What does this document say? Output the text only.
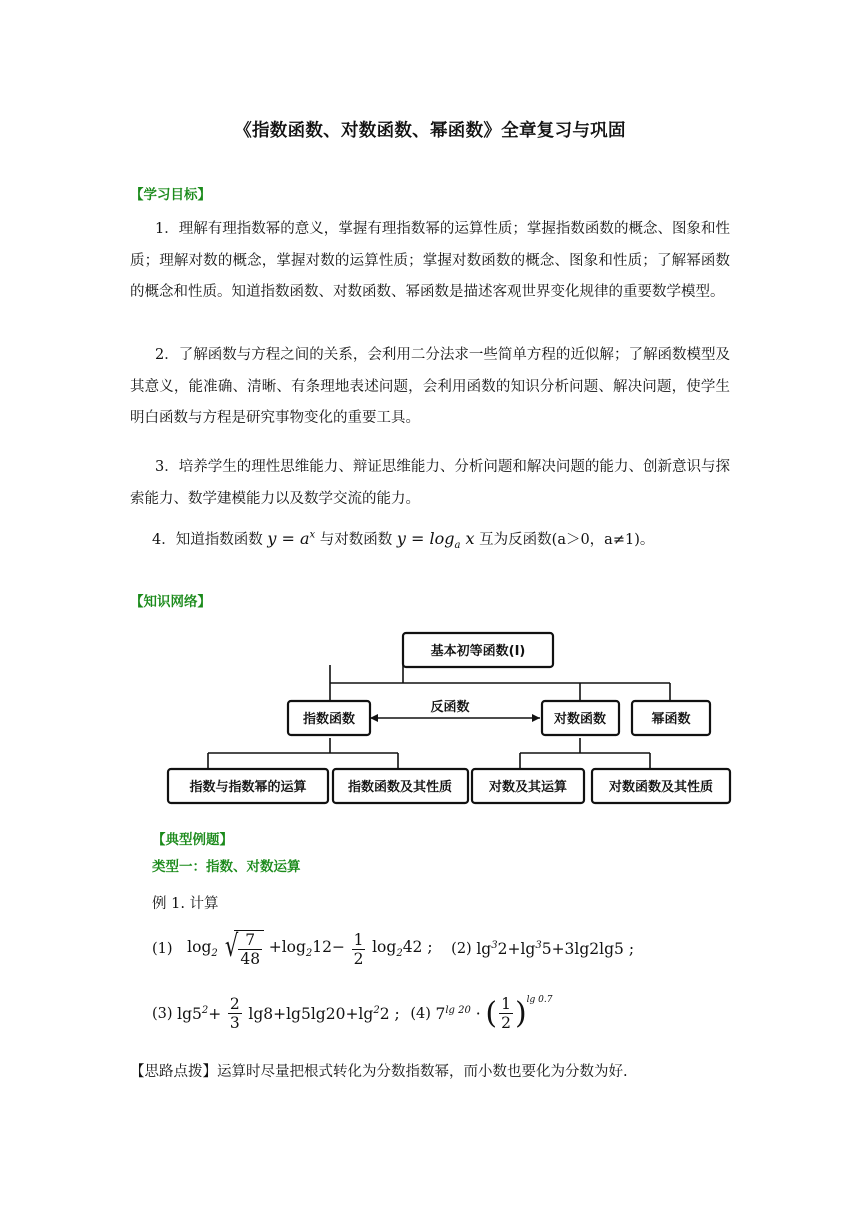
《指数函数、对数函数、幂函数》全章复习与巩固
【学习目标】
1．理解有理指数幂的意义，掌握有理指数幂的运算性质；掌握指数函数的概念、图象和性质；理解对数的概念，掌握对数的运算性质；掌握对数函数的概念、图象和性质；了解幂函数的概念和性质。知道指数函数、对数函数、幂函数是描述客观世界变化规律的重要数学模型。
2．了解函数与方程之间的关系，会利用二分法求一些简单方程的近似解；了解函数模型及其意义，能准确、清晰、有条理地表述问题，会利用函数的知识分析问题、解决问题，使学生明白函数与方程是研究事物变化的重要工具。
3．培养学生的理性思维能力、辩证思维能力、分析问题和解决问题的能力、创新意识与探索能力、数学建模能力以及数学交流的能力。
4．知道指数函数 $y = a^x$ 与对数函数 $y = \log_a x$ 互为反函数(a＞0，a≠1)。
【知识网络】
基本初等函数(I)
指数函数	对数函数	幂函数
反函数
指数与指数幂的运算	指数函数及其性质	对数及其运算	对数函数及其性质
【典型例题】
类型一：指数、对数运算
例 1. 计算
(1) $\log_2$ √ $\frac{7}{48} +\log_212- \frac{1}{2} \log_242$ ; (2) $\lg^32+\lg^35+3\lg 2\lg 5$ ;
(3) $\lg 5^2+ \frac{2}{3} \lg 8+\lg 5\lg 20+\lg^22$ ; (4) $7^{lg 20}$ · ( $\frac{1}{2} )^{lg 0.7}$
【思路点拨】运算时尽量把根式转化为分数指数幂，而小数也要化为分数为好.
